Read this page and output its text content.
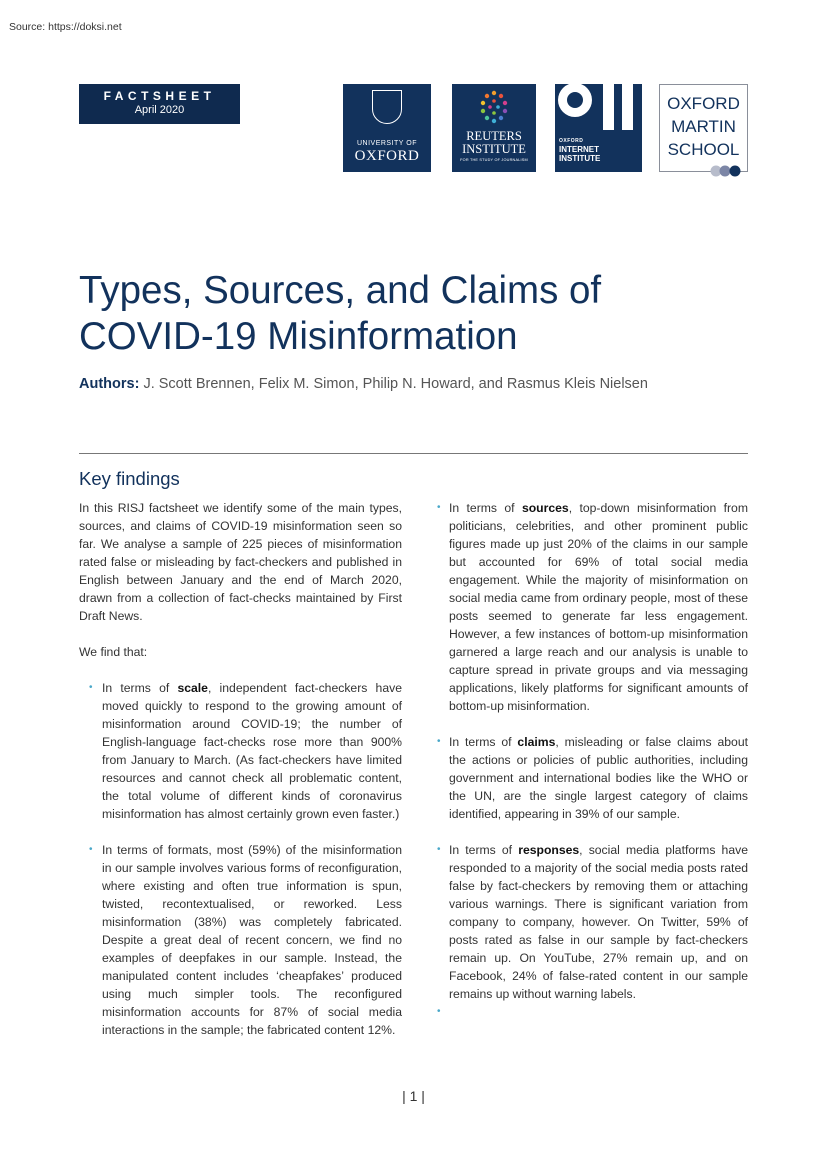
Source: https://doksi.net
FACTSHEET
April 2020
UNIVERSITY OF
OXFORD
REUTERS
INSTITUTE
FOR THE STUDY OF JOURNALISM
OXFORD
INTERNET
INSTITUTE
OXFORD
MARTIN
SCHOOL
Types, Sources, and Claims of
COVID-19 Misinformation
Authors: J. Scott Brennen, Felix M. Simon, Philip N. Howard, and Rasmus Kleis Nielsen
Key findings

In this RISJ factsheet we identify some of the main types, sources, and claims of COVID-19 misinformation seen so far. We analyse a sample of 225 pieces of misinformation rated false or misleading by fact-checkers and published in English between January and the end of March 2020, drawn from a collection of fact-checks maintained by First Draft News.

We find that:

• In terms of scale, independent fact-checkers have moved quickly to respond to the growing amount of misinformation around COVID-19; the number of English-language fact-checks rose more than 900% from January to March. (As fact-checkers have limited resources and cannot check all problematic content, the total volume of different kinds of coronavirus misinformation has almost certainly grown even faster.)
• In terms of formats, most (59%) of the misinformation in our sample involves various forms of reconfiguration, where existing and often true information is spun, twisted, recontextualised, or reworked. Less misinformation (38%) was completely fabricated. Despite a great deal of recent concern, we find no examples of deepfakes in our sample. Instead, the manipulated content includes ‘cheapfakes’ produced using much simpler tools. The reconfigured misinformation accounts for 87% of social media interactions in the sample; the fabricated content 12%.
• In terms of sources, top-down misinformation from politicians, celebrities, and other prominent public figures made up just 20% of the claims in our sample but accounted for 69% of total social media engagement. While the majority of misinformation on social media came from ordinary people, most of these posts seemed to generate far less engagement. However, a few instances of bottom-up misinformation garnered a large reach and our analysis is unable to capture spread in private groups and via messaging applications, likely platforms for significant amounts of bottom-up misinformation.
• In terms of claims, misleading or false claims about the actions or policies of public authorities, including government and international bodies like the WHO or the UN, are the single largest category of claims identified, appearing in 39% of our sample.
• In terms of responses, social media platforms have responded to a majority of the social media posts rated false by fact-checkers by removing them or attaching various warnings. There is significant variation from company to company, however. On Twitter, 59% of posts rated as false in our sample by fact-checkers remain up. On YouTube, 27% remain up, and on Facebook, 24% of false-rated content in our sample remains up without warning labels.
•
| 1 |
